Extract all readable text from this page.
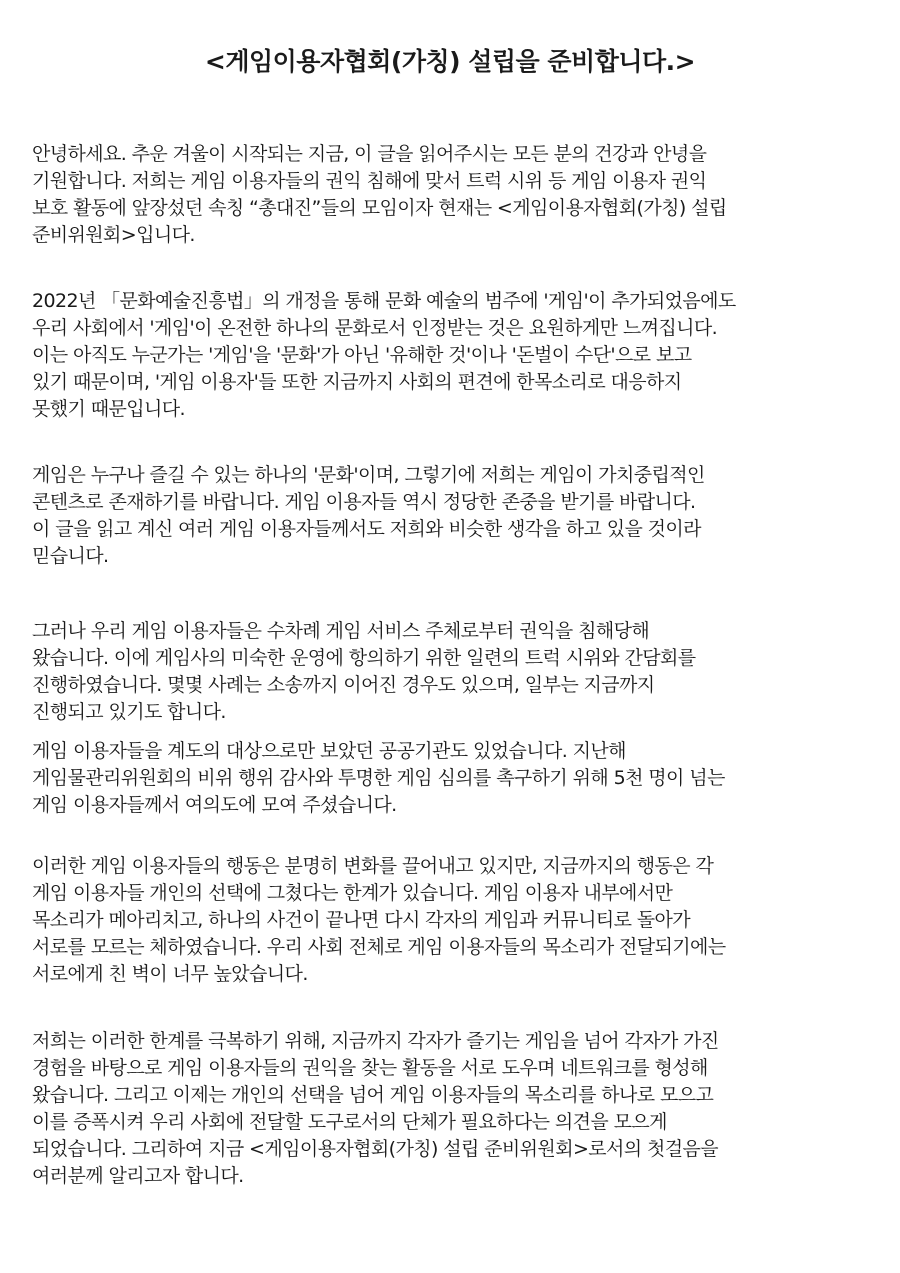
<게임이용자협회(가칭) 설립을 준비합니다.>
안녕하세요. 추운 겨울이 시작되는 지금, 이 글을 읽어주시는 모든 분의 건강과 안녕을
기원합니다. 저희는 게임 이용자들의 권익 침해에 맞서 트럭 시위 등 게임 이용자 권익
보호 활동에 앞장섰던 속칭 “총대진”들의 모임이자 현재는 <게임이용자협회(가칭) 설립
준비위원회>입니다.
2022년 「문화예술진흥법」의 개정을 통해 문화 예술의 범주에 '게임'이 추가되었음에도
우리 사회에서 '게임'이 온전한 하나의 문화로서 인정받는 것은 요원하게만 느껴집니다.
이는 아직도 누군가는 '게임'을 '문화'가 아닌 '유해한 것'이나 '돈벌이 수단'으로 보고
있기 때문이며, '게임 이용자'들 또한 지금까지 사회의 편견에 한목소리로 대응하지
못했기 때문입니다.
게임은 누구나 즐길 수 있는 하나의 '문화'이며, 그렇기에 저희는 게임이 가치중립적인
콘텐츠로 존재하기를 바랍니다. 게임 이용자들 역시 정당한 존중을 받기를 바랍니다.
이 글을 읽고 계신 여러 게임 이용자들께서도 저희와 비슷한 생각을 하고 있을 것이라
믿습니다.
그러나 우리 게임 이용자들은 수차례 게임 서비스 주체로부터 권익을 침해당해
왔습니다. 이에 게임사의 미숙한 운영에 항의하기 위한 일련의 트럭 시위와 간담회를
진행하였습니다. 몇몇 사례는 소송까지 이어진 경우도 있으며, 일부는 지금까지
진행되고 있기도 합니다.
게임 이용자들을 계도의 대상으로만 보았던 공공기관도 있었습니다. 지난해
게임물관리위원회의 비위 행위 감사와 투명한 게임 심의를 촉구하기 위해 5천 명이 넘는
게임 이용자들께서 여의도에 모여 주셨습니다.
이러한 게임 이용자들의 행동은 분명히 변화를 끌어내고 있지만, 지금까지의 행동은 각
게임 이용자들 개인의 선택에 그쳤다는 한계가 있습니다. 게임 이용자 내부에서만
목소리가 메아리치고, 하나의 사건이 끝나면 다시 각자의 게임과 커뮤니티로 돌아가
서로를 모르는 체하였습니다. 우리 사회 전체로 게임 이용자들의 목소리가 전달되기에는
서로에게 친 벽이 너무 높았습니다.
저희는 이러한 한계를 극복하기 위해, 지금까지 각자가 즐기는 게임을 넘어 각자가 가진
경험을 바탕으로 게임 이용자들의 권익을 찾는 활동을 서로 도우며 네트워크를 형성해
왔습니다. 그리고 이제는 개인의 선택을 넘어 게임 이용자들의 목소리를 하나로 모으고
이를 증폭시켜 우리 사회에 전달할 도구로서의 단체가 필요하다는 의견을 모으게
되었습니다. 그리하여 지금 <게임이용자협회(가칭) 설립 준비위원회>로서의 첫걸음을
여러분께 알리고자 합니다.
